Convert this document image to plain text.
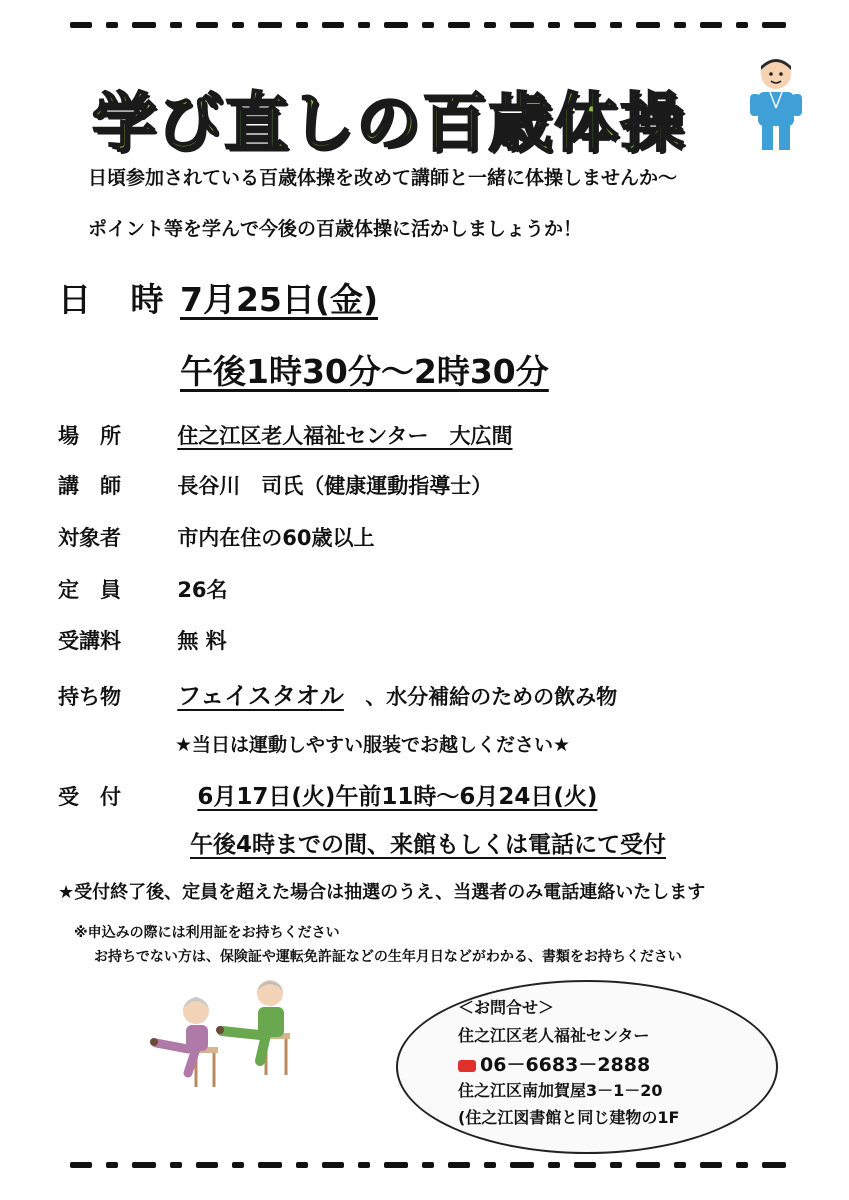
学び直しの百歳体操
日頃参加されている百歳体操を改めて講師と一緒に体操しませんか～
ポイント等を学んで今後の百歳体操に活かしましょうか！
日 時 7月25日(金)
午後1時30分～2時30分
場　所	住之江区老人福祉センター　大広間
講　師	長谷川　司氏（健康運動指導士）
対象者	市内在住の60歳以上
定　員	26名
受講料	無 料
持ち物 フェイスタオル 、水分補給のための飲み物
★当日は運動しやすい服装でお越しください★
受　付	6月17日(火)午前11時～6月24日(火)
午後4時までの間、来館もしくは電話にて受付
★受付終了後、定員を超えた場合は抽選のうえ、当選者のみ電話連絡いたします
※申込みの際には利用証をお持ちください
お持ちでない方は、保険証や運転免許証などの生年月日などがわかる、書類をお持ちください
＜お問合せ＞
住之江区老人福祉センター
06－6683－2888
住之江区南加賀屋3－1－20
(住之江図書館と同じ建物の1F
